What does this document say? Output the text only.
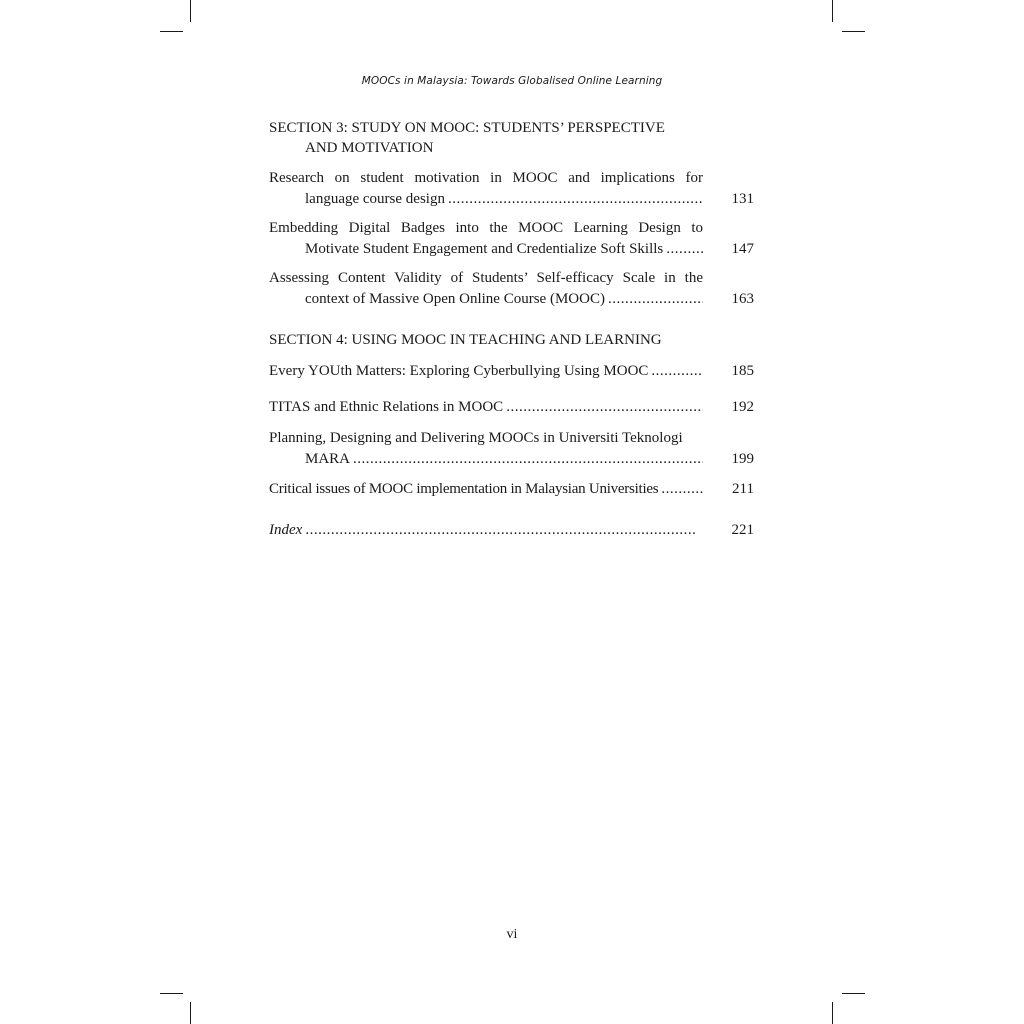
MOOCs in Malaysia: Towards Globalised Online Learning
SECTION 3: STUDY ON MOOC: STUDENTS’ PERSPECTIVE
AND MOTIVATION
Research on student motivation in MOOC and implications for
language course design .....	131
Embedding Digital Badges into the MOOC Learning Design to
Motivate Student Engagement and Credentialize Soft Skills .....	147
Assessing Content Validity of Students’ Self-efficacy Scale in the
context of Massive Open Online Course (MOOC) .....	163
SECTION 4: USING MOOC IN TEACHING AND LEARNING
Every YOUth Matters: Exploring Cyberbullying Using MOOC .....	185
TITAS and Ethnic Relations in MOOC .....	192
Planning, Designing and Delivering MOOCs in Universiti Teknologi
MARA .....	199
Critical issues of MOOC implementation in Malaysian Universities .....	211
Index .....	221
vi
